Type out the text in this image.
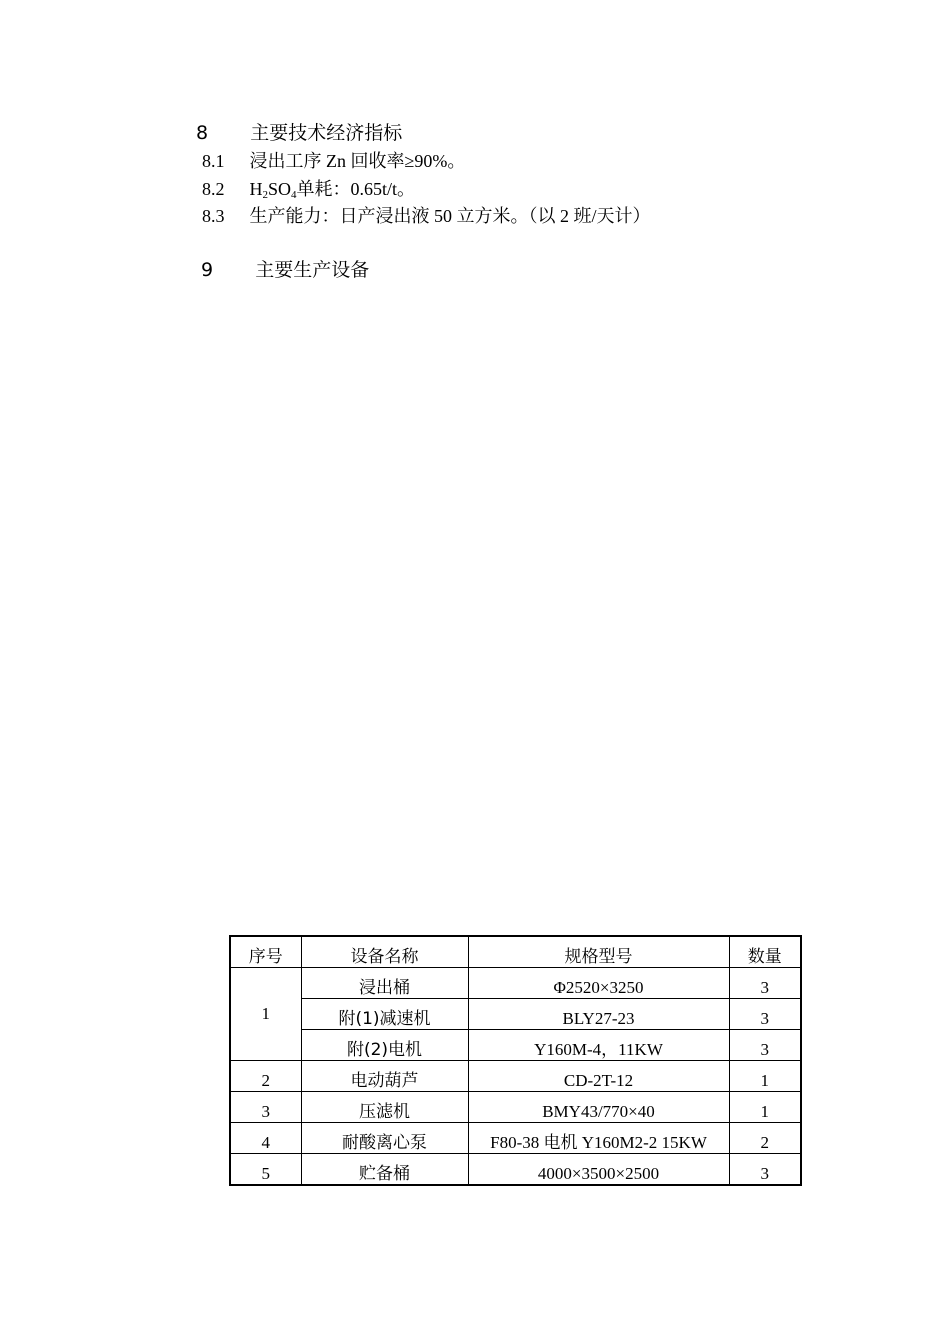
8 主要技术经济指标
8.1 浸出工序 Zn 回收率≥90%。
8.2 $H_2SO_4$单耗：0.65t/t。
8.3 生产能力：日产浸出液 50 立方米。（以 2 班/天计）
9 主要生产设备
序号	设备名称	规格型号	数量
1	浸出桶	Φ2520×3250	3
	附(1)减速机	BLY27-23	3
	附(2)电机	Y160M-4，11KW	3
2	电动葫芦	CD-2T-12	1
3	压滤机	BMY43/770×40	1
4	耐酸离心泵	F80-38 电机 Y160M2-2 15KW	2
5	贮备桶	4000×3500×2500	3
